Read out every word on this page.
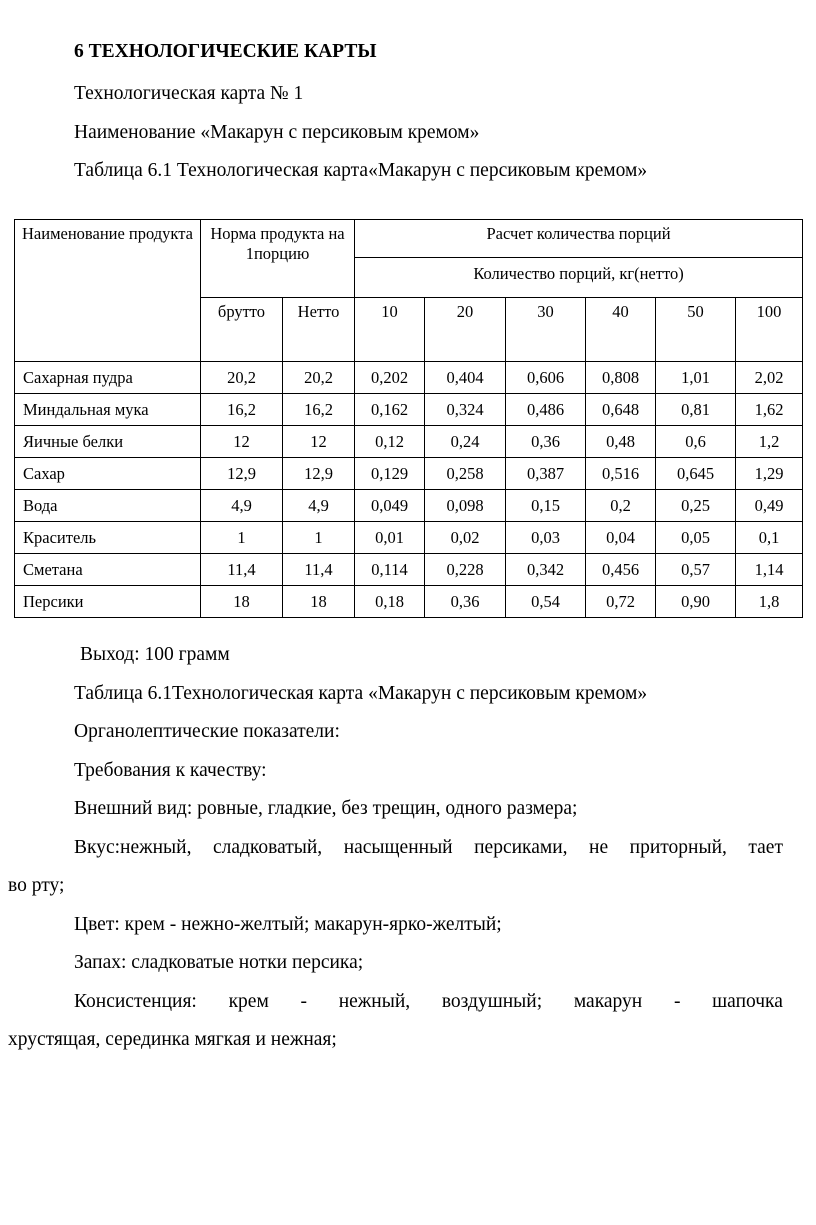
6 ТЕХНОЛОГИЧЕСКИЕ КАРТЫ
Технологическая карта № 1
Наименование «Макарун с персиковым кремом»
Таблица 6.1 Технологическая карта«Макарун с персиковым кремом»
Наименование продукта	Норма продукта на 1порцию		Расчет количества порций					
			Количество порций, кг(нетто)					
	брутто	Нетто	10	20	30	40	50	100
Сахарная пудра	20,2	20,2	0,202	0,404	0,606	0,808	1,01	2,02
Миндальная мука	16,2	16,2	0,162	0,324	0,486	0,648	0,81	1,62
Яичные белки	12	12	0,12	0,24	0,36	0,48	0,6	1,2
Сахар	12,9	12,9	0,129	0,258	0,387	0,516	0,645	1,29
Вода	4,9	4,9	0,049	0,098	0,15	0,2	0,25	0,49
Краситель	1	1	0,01	0,02	0,03	0,04	0,05	0,1
Сметана	11,4	11,4	0,114	0,228	0,342	0,456	0,57	1,14
Персики	18	18	0,18	0,36	0,54	0,72	0,90	1,8
Выход: 100 грамм
Таблица 6.1Технологическая карта «Макарун с персиковым кремом»
Органолептические показатели:
Требования к качеству:
Внешний вид: ровные, гладкие, без трещин, одного размера;
Вкус:нежный, сладковатый, насыщенный персиками, не приторный, тает
во рту;
Цвет: крем - нежно-желтый; макарун-ярко-желтый;
Запах: сладковатые нотки персика;
Консистенция: крем - нежный, воздушный; макарун - шапочка
хрустящая, серединка мягкая и нежная;
